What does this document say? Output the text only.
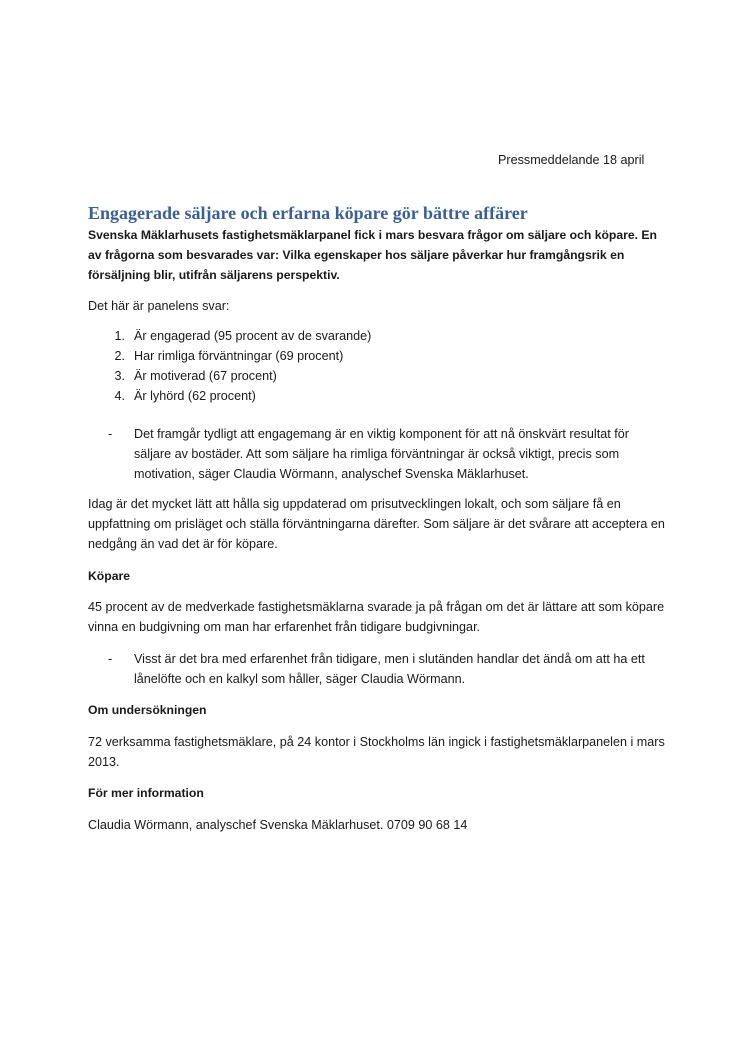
Pressmeddelande 18 april
Engagerade säljare och erfarna köpare gör bättre affärer
Svenska Mäklarhusets fastighetsmäklarpanel fick i mars besvara frågor om säljare och köpare. En av frågorna som besvarades var: Vilka egenskaper hos säljare påverkar hur framgångsrik en försäljning blir, utifrån säljarens perspektiv.
Det här är panelens svar:
1. Är engagerad (95 procent av de svarande)
2. Har rimliga förväntningar (69 procent)
3. Är motiverad (67 procent)
4. Är lyhörd (62 procent)
-	Det framgår tydligt att engagemang är en viktig komponent för att nå önskvärt resultat för säljare av bostäder. Att som säljare ha rimliga förväntningar är också viktigt, precis som motivation, säger Claudia Wörmann, analyschef Svenska Mäklarhuset.
Idag är det mycket lätt att hålla sig uppdaterad om prisutvecklingen lokalt, och som säljare få en uppfattning om prisläget och ställa förväntningarna därefter. Som säljare är det svårare att acceptera en nedgång än vad det är för köpare.
Köpare
45 procent av de medverkade fastighetsmäklarna svarade ja på frågan om det är lättare att som köpare vinna en budgivning om man har erfarenhet från tidigare budgivningar.
-	Visst är det bra med erfarenhet från tidigare, men i slutänden handlar det ändå om att ha ett lånelöfte och en kalkyl som håller, säger Claudia Wörmann.
Om undersökningen
72 verksamma fastighetsmäklare, på 24 kontor i Stockholms län ingick i fastighetsmäklarpanelen i mars 2013.
För mer information
Claudia Wörmann, analyschef Svenska Mäklarhuset. 0709 90 68 14
